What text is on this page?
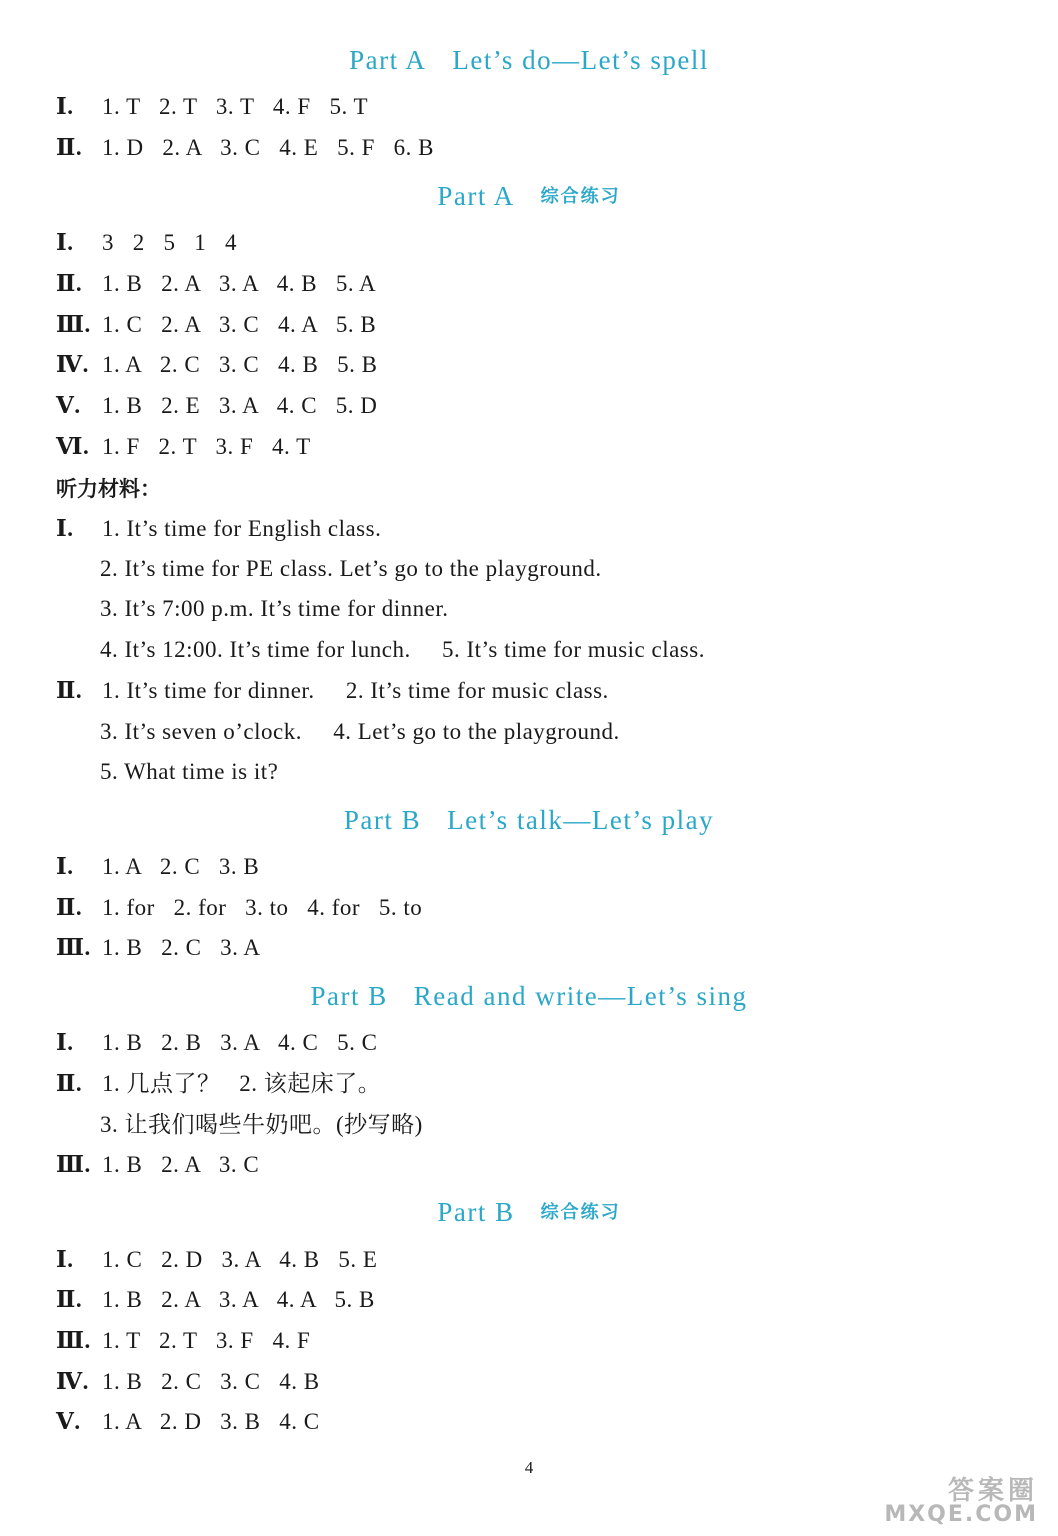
Part A Let’s do—Let’s spell
Ⅰ. 1. T   2. T   3. T   4. F   5. T
Ⅱ. 1. D   2. A   3. C   4. E   5. F   6. B
Part A 综合练习
Ⅰ. 3   2   5   1   4
Ⅱ. 1. B   2. A   3. A   4. B   5. A
Ⅲ. 1. C   2. A   3. C   4. A   5. B
Ⅳ. 1. A   2. C   3. C   4. B   5. B
Ⅴ. 1. B   2. E   3. A   4. C   5. D
Ⅵ. 1. F   2. T   3. F   4. T
听力材料：
Ⅰ. 1. It’s time for English class.
2. It’s time for PE class. Let’s go to the playground.
3. It’s 7:00 p.m. It’s time for dinner.
4. It’s 12:00. It’s time for lunch.     5. It’s time for music class.
Ⅱ. 1. It’s time for dinner.     2. It’s time for music class.
3. It’s seven o’clock.     4. Let’s go to the playground.
5. What time is it?
Part B Let’s talk—Let’s play
Ⅰ. 1. A   2. C   3. B
Ⅱ. 1. for   2. for   3. to   4. for   5. to
Ⅲ. 1. B   2. C   3. A
Part B Read and write—Let’s sing
Ⅰ. 1. B   2. B   3. A   4. C   5. C
Ⅱ. 1. 几点了？   2. 该起床了。
3. 让我们喝些牛奶吧。(抄写略)
Ⅲ. 1. B   2. A   3. C
Part B 综合练习
Ⅰ. 1. C   2. D   3. A   4. B   5. E
Ⅱ. 1. B   2. A   3. A   4. A   5. B
Ⅲ. 1. T   2. T   3. F   4. F
Ⅳ. 1. B   2. C   3. C   4. B
Ⅴ. 1. A   2. D   3. B   4. C
4
答案圈
MXQE.COM
